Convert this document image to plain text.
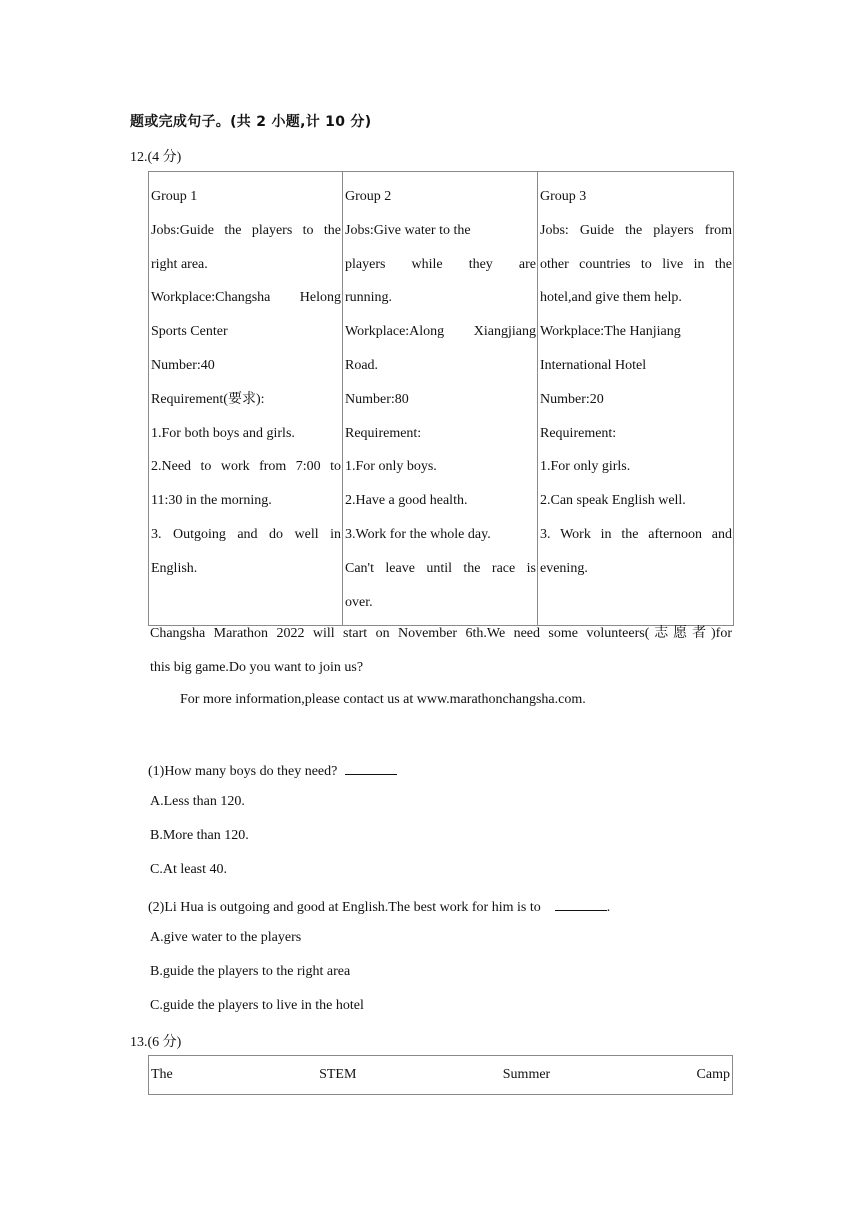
题或完成句子。(共 2 小题,计 10 分)
12.(4 分)
Group 1
Jobs:Guide the players to the
right area.
Workplace:Changsha Helong
Sports Center
Number:40
Requirement(要求):
1.For both boys and girls.
2.Need to work from 7:00 to
11:30 in the morning.
3. Outgoing and do well in
English.

Group 2
Jobs:Give water to the
players while they are
running.
Workplace:Along Xiangjiang
Road.
Number:80
Requirement:
1.For only boys.
2.Have a good health.
3.Work for the whole day.
Can't leave until the race is
over.

Group 3
Jobs: Guide the players from
other countries to live in the
hotel,and give them help.
Workplace:The Hanjiang
International Hotel
Number:20
Requirement:
1.For only girls.
2.Can speak English well.
3. Work in the afternoon and
evening.
Changsha Marathon 2022 will start on November 6th.We need some volunteers(志愿者)for
this big game.Do you want to join us?
For more information,please contact us at www.marathonchangsha.com.
(1)How many boys do they need?
A.Less than 120.
B.More than 120.
C.At least 40.
(2)Li Hua is outgoing and good at English.The best work for him is to	.
A.give water to the players
B.guide the players to the right area
C.guide the players to live in the hotel
13.(6 分)
The	STEM	Summer	Camp
